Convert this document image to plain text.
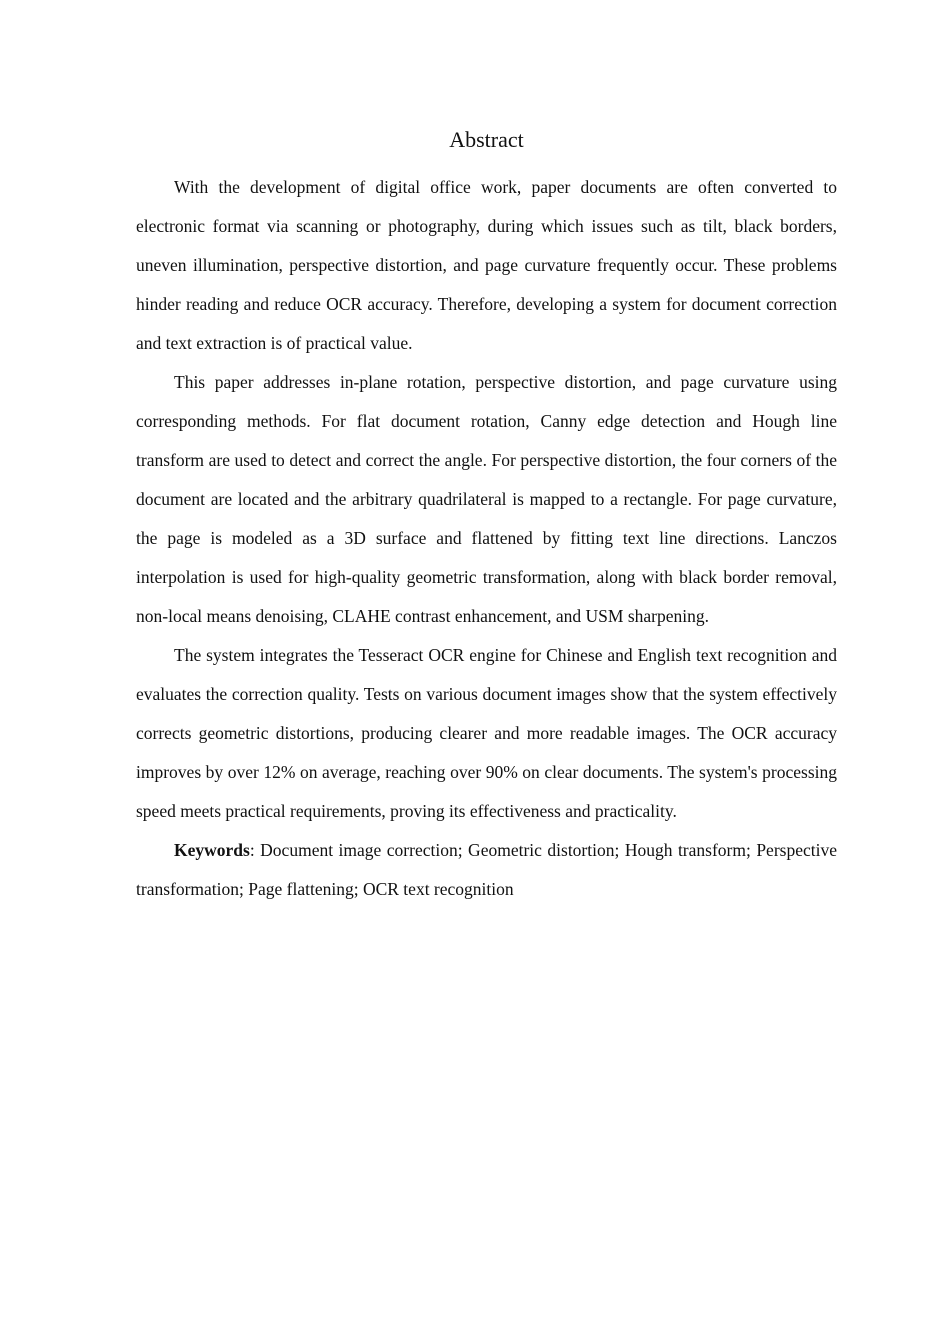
Abstract

With the development of digital office work, paper documents are often converted to electronic format via scanning or photography, during which issues such as tilt, black borders, uneven illumination, perspective distortion, and page curvature frequently occur. These problems hinder reading and reduce OCR accuracy. Therefore, developing a system for document correction and text extraction is of practical value.

This paper addresses in-plane rotation, perspective distortion, and page curvature using corresponding methods. For flat document rotation, Canny edge detection and Hough line transform are used to detect and correct the angle. For perspective distortion, the four corners of the document are located and the arbitrary quadrilateral is mapped to a rectangle. For page curvature, the page is modeled as a 3D surface and flattened by fitting text line directions. Lanczos interpolation is used for high-quality geometric transformation, along with black border removal, non-local means denoising, CLAHE contrast enhancement, and USM sharpening.

The system integrates the Tesseract OCR engine for Chinese and English text recognition and evaluates the correction quality. Tests on various document images show that the system effectively corrects geometric distortions, producing clearer and more readable images. The OCR accuracy improves by over 12% on average, reaching over 90% on clear documents. The system's processing speed meets practical requirements, proving its effectiveness and practicality.

Keywords: Document image correction; Geometric distortion; Hough transform; Perspective transformation; Page flattening; OCR text recognition
